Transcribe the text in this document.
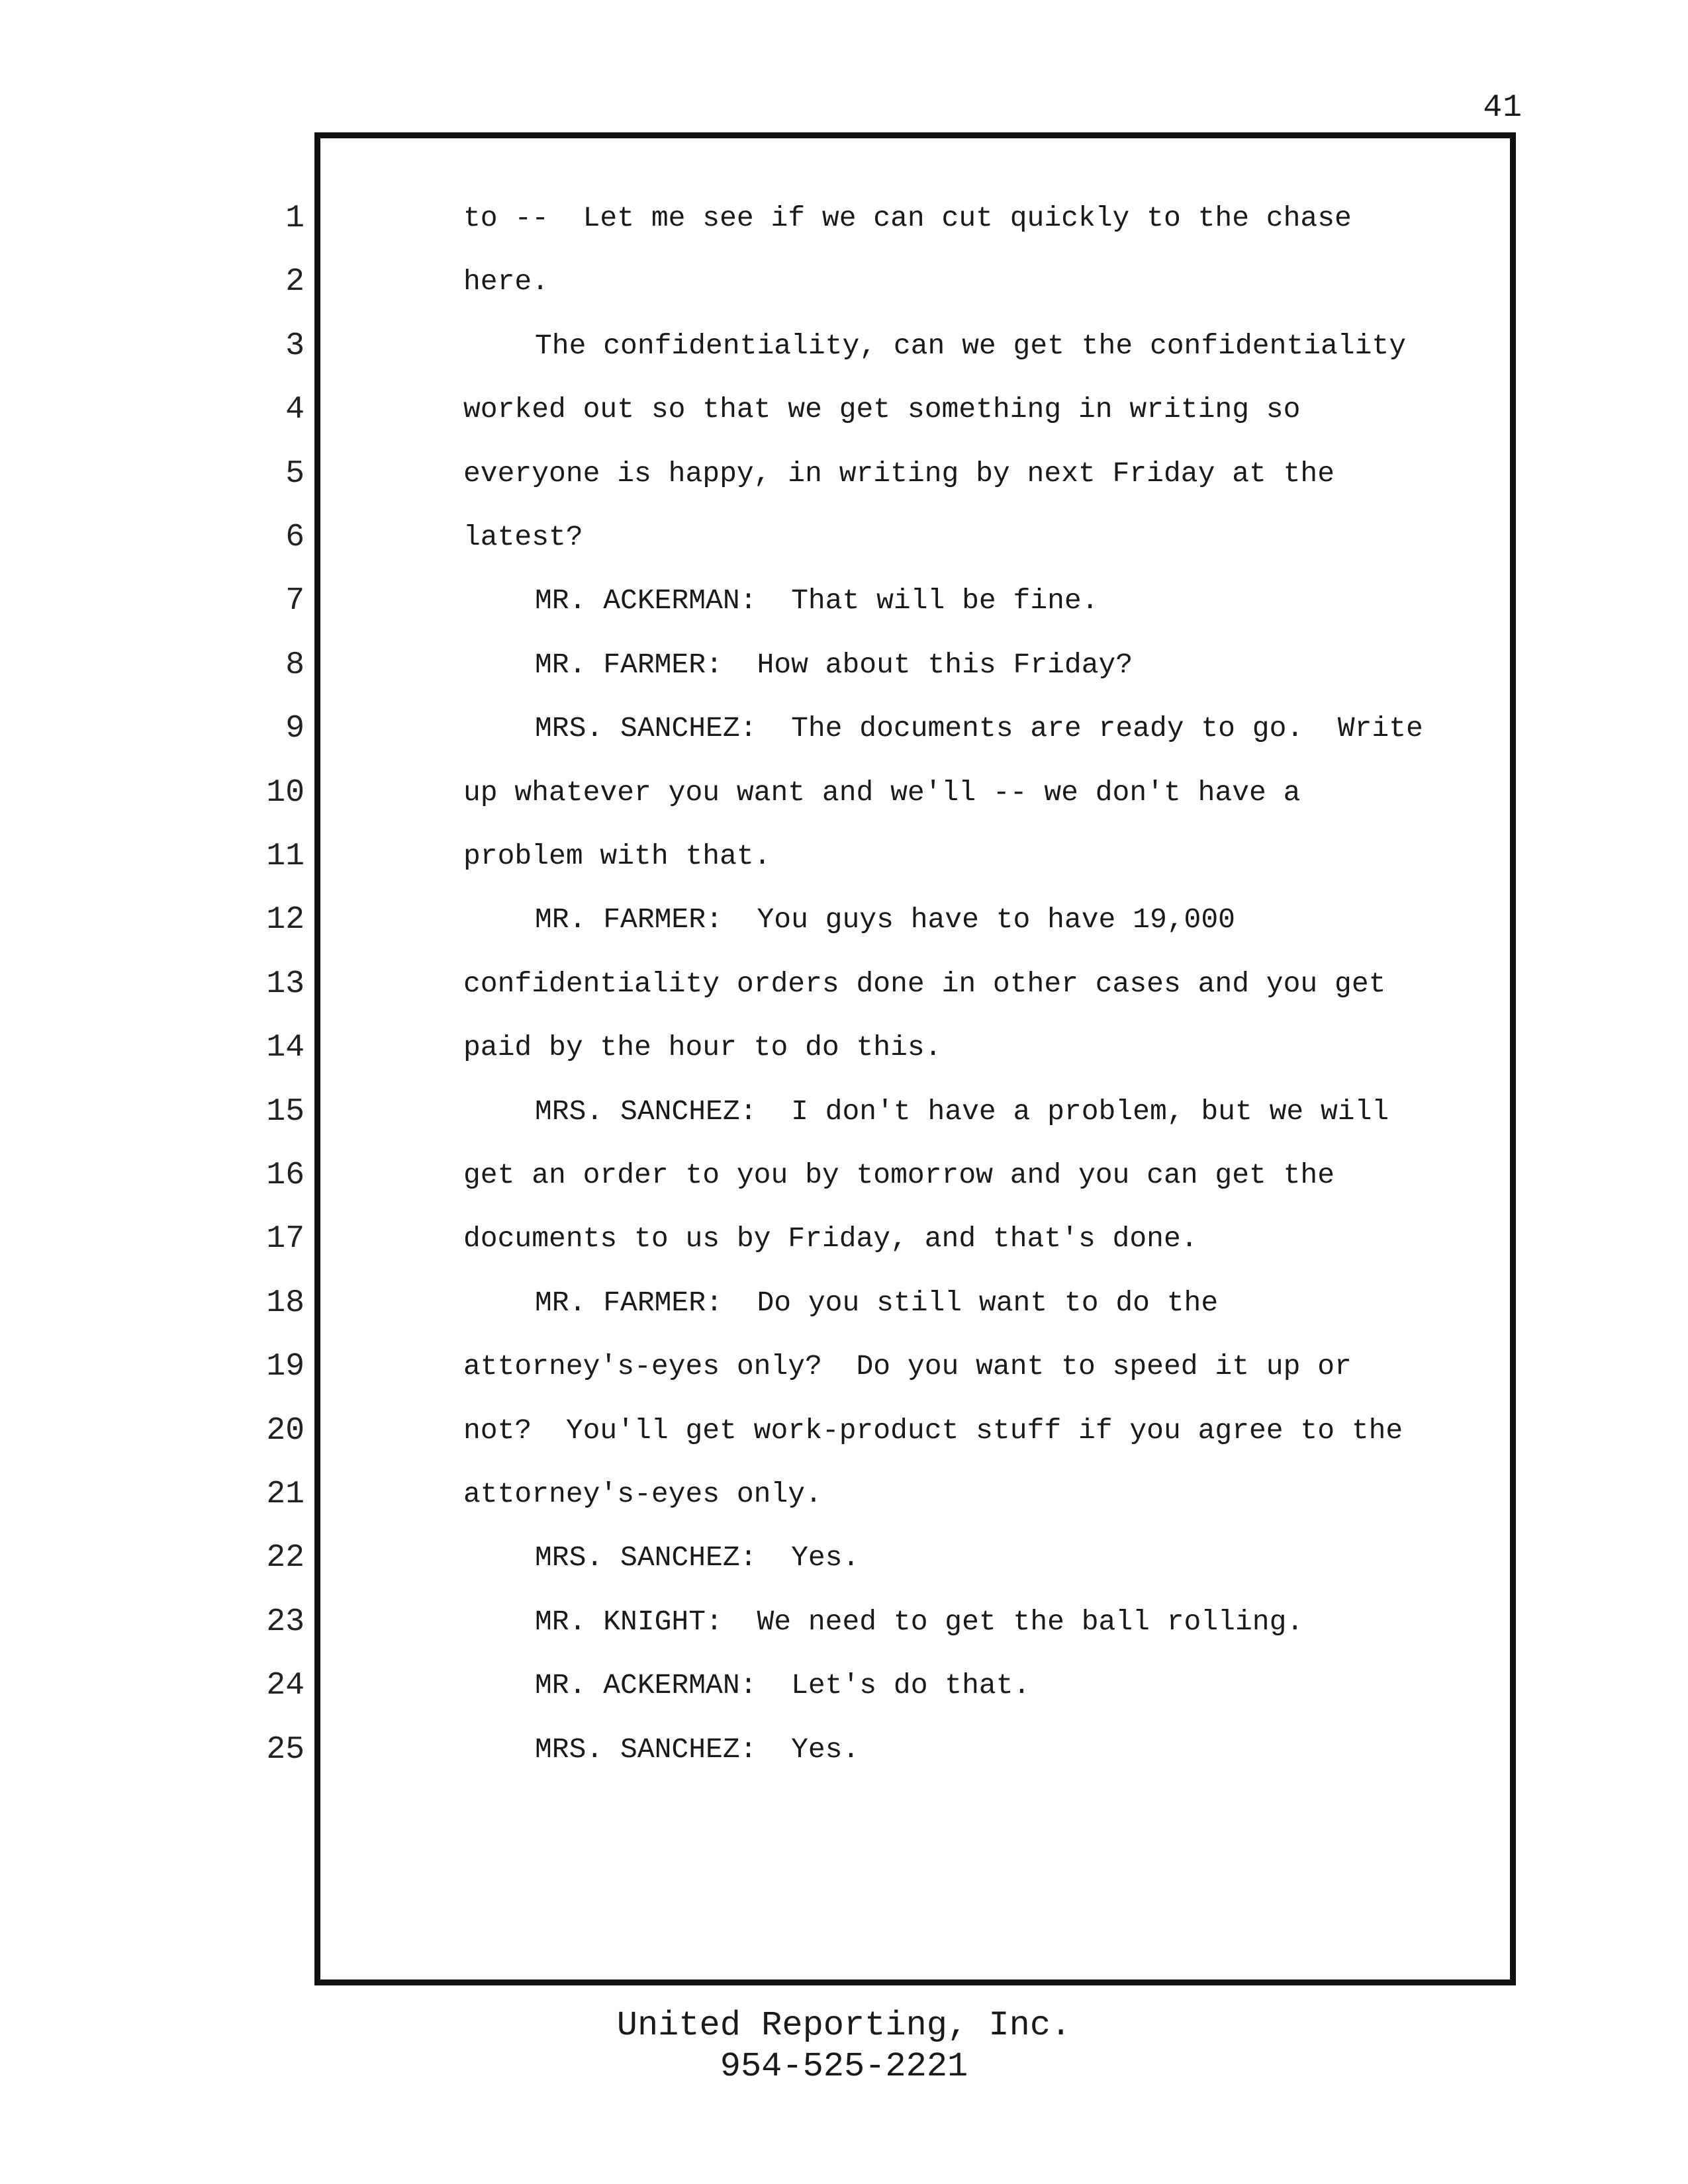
41
1
2
3
4
5
6
7
8
9
10
11
12
13
14
15
16
17
18
19
20
21
22
23
24
25
to --  Let me see if we can cut quickly to the chase
here.
The confidentiality, can we get the confidentiality
worked out so that we get something in writing so
everyone is happy, in writing by next Friday at the
latest?
MR. ACKERMAN:  That will be fine.
MR. FARMER:  How about this Friday?
MRS. SANCHEZ:  The documents are ready to go.  Write
up whatever you want and we'll -- we don't have a
problem with that.
MR. FARMER:  You guys have to have 19,000
confidentiality orders done in other cases and you get
paid by the hour to do this.
MRS. SANCHEZ:  I don't have a problem, but we will
get an order to you by tomorrow and you can get the
documents to us by Friday, and that's done.
MR. FARMER:  Do you still want to do the
attorney's-eyes only?  Do you want to speed it up or
not?  You'll get work-product stuff if you agree to the
attorney's-eyes only.
MRS. SANCHEZ:  Yes.
MR. KNIGHT:  We need to get the ball rolling.
MR. ACKERMAN:  Let's do that.
MRS. SANCHEZ:  Yes.
United Reporting, Inc.
954-525-2221
